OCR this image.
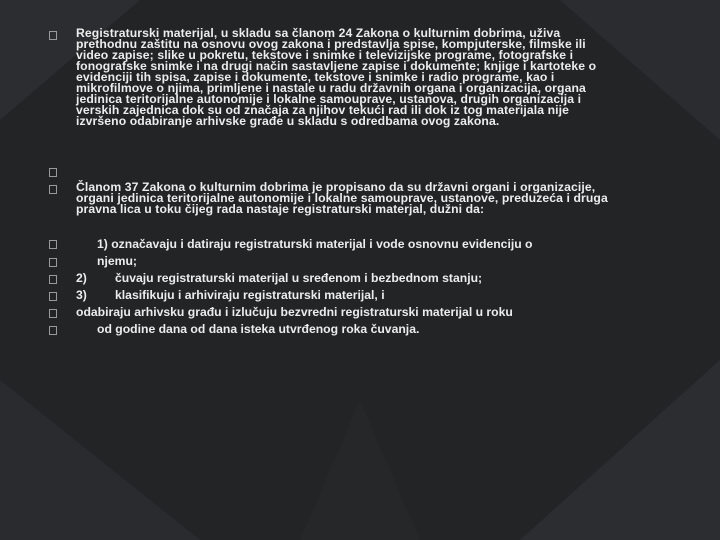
Registraturski materijal, u skladu sa članom 24 Zakona o kulturnim dobrima, uživa prethodnu zaštitu na osnovu ovog zakona i predstavlja spise, kompjuterske, filmske ili video zapise; slike u pokretu, tekstove i snimke i televizijske programe, fotografske i fonografske snimke i na drugi način sastavljene zapise i dokumente; knjige i kartoteke o evidenciji tih spisa, zapise i dokumente, tekstove i snimke i radio programe, kao i mikrofilmove o njima, primljene i nastale u radu državnih organa i organizacija, organa jedinica teritorijalne autonomije i lokalne samouprave, ustanova, drugih organizacija i verskih zajednica dok su od značaja za njihov tekući rad ili dok iz tog materijala nije izvršeno odabiranje arhivske građe u skladu s odredbama ovog zakona.
Članom 37 Zakona o kulturnim dobrima je propisano da su državni organi i organizacije, organi jedinica teritorijalne autonomije i lokalne samouprave, ustanove, preduzeća i druga pravna lica u toku čijeg rada nastaje registraturski materjal, dužni da:
1) označavaju i datiraju registraturski materijal i vode osnovnu evidenciju o
njemu;
2) čuvaju registraturski materijal u sređenom i bezbednom stanju;
3) klasifikuju i arhiviraju registraturski materijal, i
odabiraju arhivsku građu i izlučuju bezvredni registraturski materijal u roku
od godine dana od dana isteka utvrđenog roka čuvanja.
